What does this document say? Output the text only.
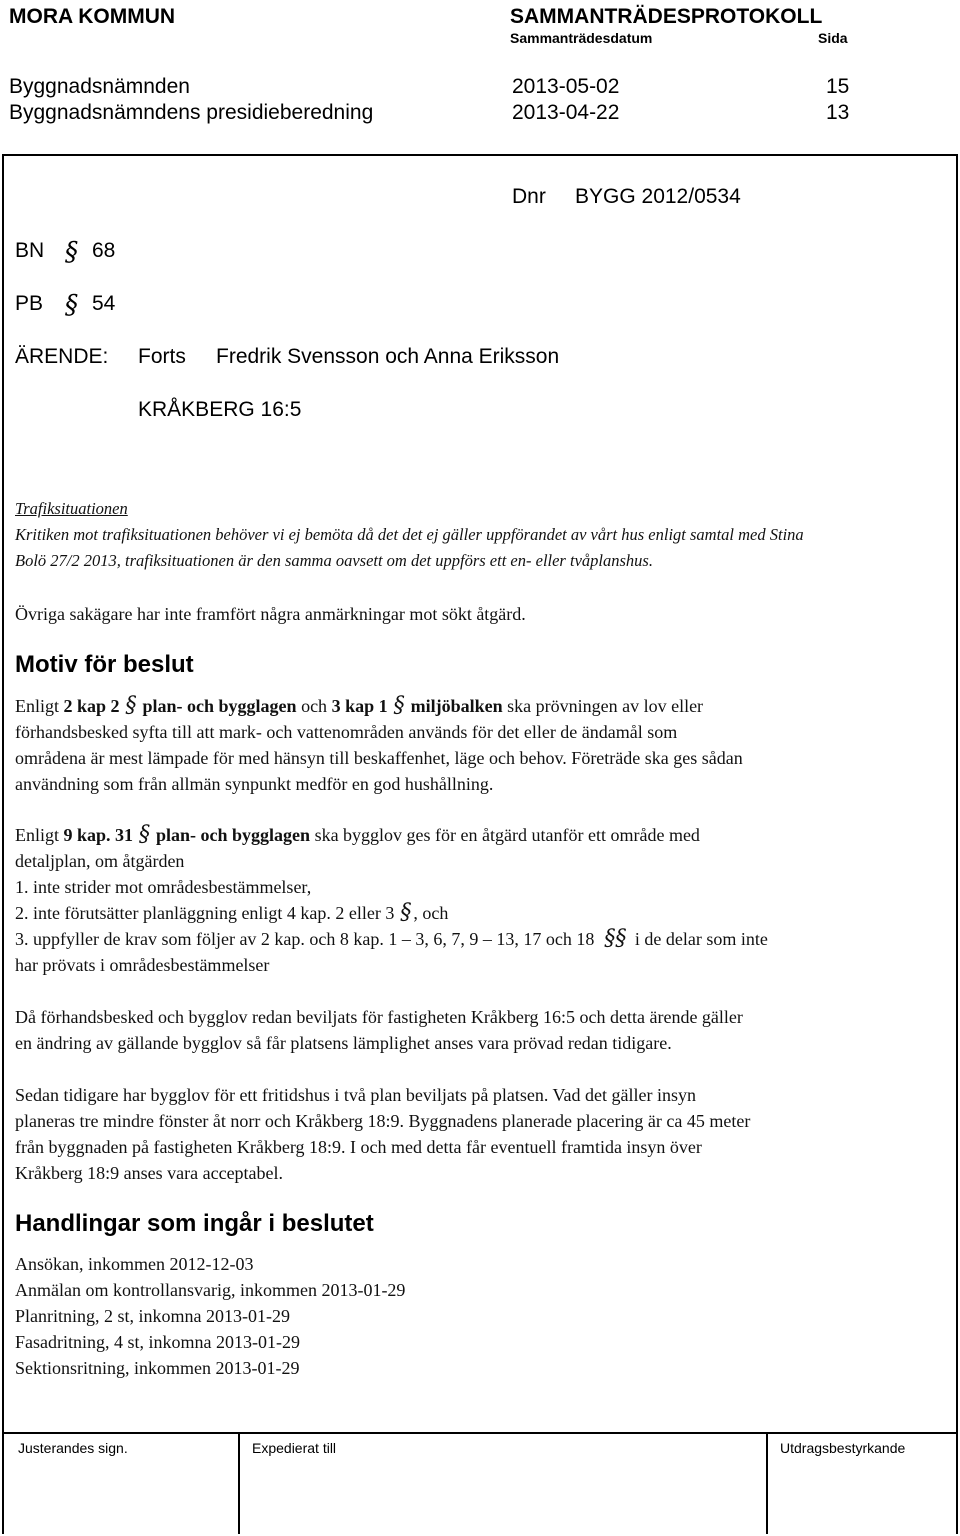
MORA KOMMUN	SAMMANTRÄDESPROTOKOLL
Sammanträdesdatum	Sida
Byggnadsnämnden	2013-05-02	15
Byggnadsnämndens presidieberedning	2013-04-22	13
Dnr BYGG 2012/0534
BN § 68
PB § 54
ÄRENDE: Forts Fredrik Svensson och Anna Eriksson
KRÅKBERG 16:5
Trafiksituationen
Kritiken mot trafiksituationen behöver vi ej bemöta då det det ej gäller uppförandet av vårt hus enligt samtal med Stina
Bolö 27/2 2013, trafiksituationen är den samma oavsett om det uppförs ett en- eller tvåplanshus.
Övriga sakägare har inte framfört några anmärkningar mot sökt åtgärd.
Motiv för beslut
Enligt 2 kap 2 § plan- och bygglagen och 3 kap 1 § miljöbalken ska prövningen av lov eller
förhandsbesked syfta till att mark- och vattenområden används för det eller de ändamål som
områdena är mest lämpade för med hänsyn till beskaffenhet, läge och behov. Företräde ska ges sådan
användning som från allmän synpunkt medför en god hushållning.
Enligt 9 kap. 31 § plan- och bygglagen ska bygglov ges för en åtgärd utanför ett område med
detaljplan, om åtgärden
1. inte strider mot områdesbestämmelser,
2. inte förutsätter planläggning enligt 4 kap. 2 eller 3 § , och
3. uppfyller de krav som följer av 2 kap. och 8 kap. 1 – 3, 6, 7, 9 – 13, 17 och 18 §§ i de delar som inte
har prövats i områdesbestämmelser
Då förhandsbesked och bygglov redan beviljats för fastigheten Kråkberg 16:5 och detta ärende gäller
en ändring av gällande bygglov så får platsens lämplighet anses vara prövad redan tidigare.
Sedan tidigare har bygglov för ett fritidshus i två plan beviljats på platsen. Vad det gäller insyn
planeras tre mindre fönster åt norr och Kråkberg 18:9. Byggnadens planerade placering är ca 45 meter
från byggnaden på fastigheten Kråkberg 18:9. I och med detta får eventuell framtida insyn över
Kråkberg 18:9 anses vara acceptabel.
Handlingar som ingår i beslutet
Ansökan, inkommen 2012-12-03
Anmälan om kontrollansvarig, inkommen 2013-01-29
Planritning, 2 st, inkomna 2013-01-29
Fasadritning, 4 st, inkomna 2013-01-29
Sektionsritning, inkommen 2013-01-29
Justerandes sign.	Expedierat till	Utdragsbestyrkande
